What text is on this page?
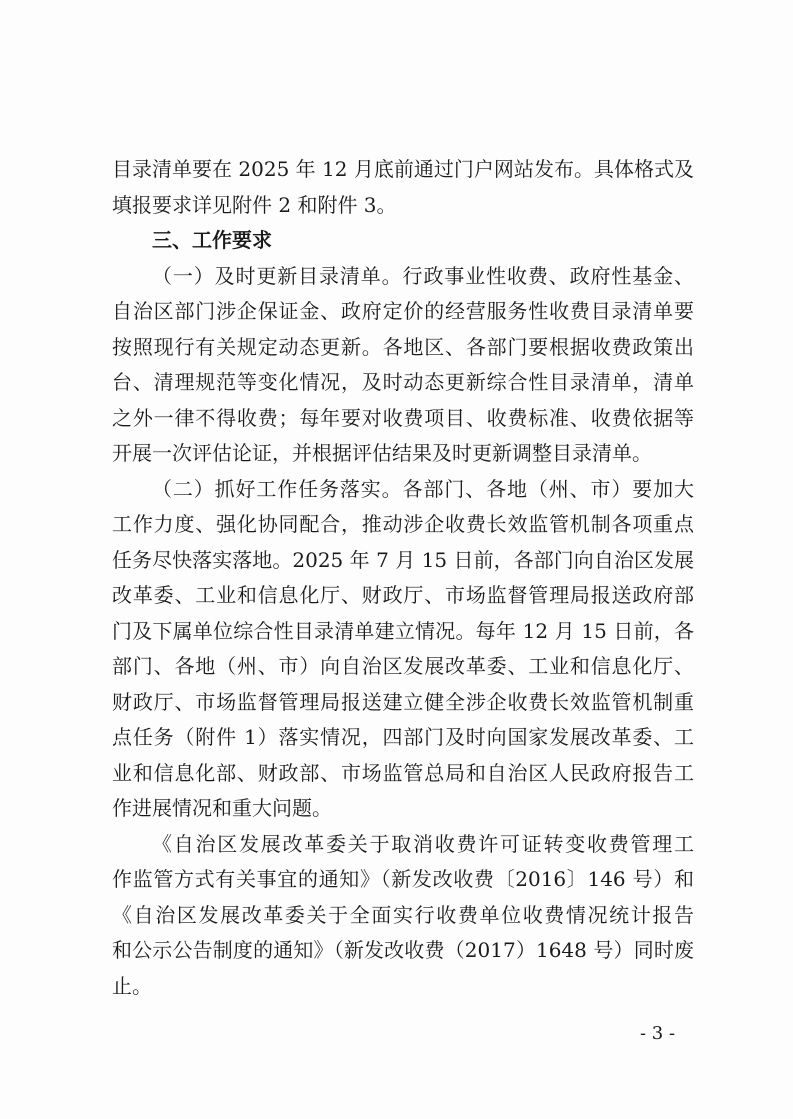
目录清单要在 2025 年 12 月底前通过门户网站发布。具体格式及
填报要求详见附件 2 和附件 3。
三、工作要求
（一）及时更新目录清单。行政事业性收费、政府性基金、
自治区部门涉企保证金、政府定价的经营服务性收费目录清单要
按照现行有关规定动态更新。各地区、各部门要根据收费政策出
台、清理规范等变化情况，及时动态更新综合性目录清单，清单
之外一律不得收费；每年要对收费项目、收费标准、收费依据等
开展一次评估论证，并根据评估结果及时更新调整目录清单。
（二）抓好工作任务落实。各部门、各地（州、市）要加大
工作力度、强化协同配合，推动涉企收费长效监管机制各项重点
任务尽快落实落地。2025 年 7 月 15 日前，各部门向自治区发展
改革委、工业和信息化厅、财政厅、市场监督管理局报送政府部
门及下属单位综合性目录清单建立情况。每年 12 月 15 日前，各
部门、各地（州、市）向自治区发展改革委、工业和信息化厅、
财政厅、市场监督管理局报送建立健全涉企收费长效监管机制重
点任务（附件 1）落实情况，四部门及时向国家发展改革委、工
业和信息化部、财政部、市场监管总局和自治区人民政府报告工
作进展情况和重大问题。
《自治区发展改革委关于取消收费许可证转变收费管理工
作监管方式有关事宜的通知》（新发改收费〔2016〕146 号）和
《自治区发展改革委关于全面实行收费单位收费情况统计报告
和公示公告制度的通知》（新发改收费（2017）1648 号）同时废
止。
- 3 -
